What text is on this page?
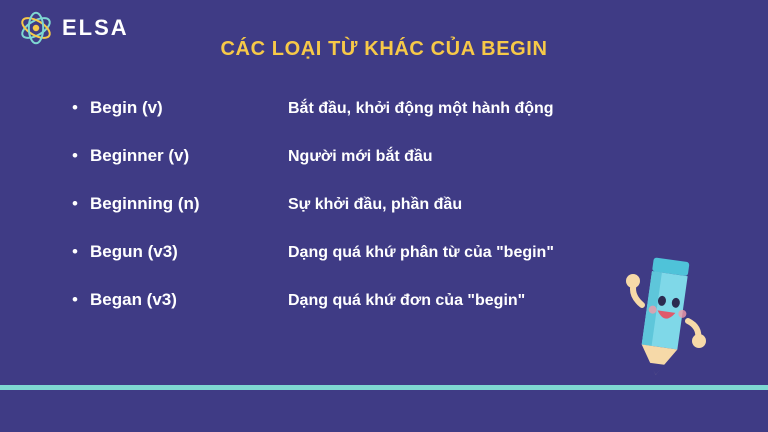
ELSA
CÁC LOẠI TỪ KHÁC CỦA BEGIN
• Begin (v)	Bắt đầu, khởi động một hành động
• Beginner (v)	Người mới bắt đầu
• Beginning (n)	Sự khởi đầu, phần đầu
• Begun (v3)	Dạng quá khứ phân từ của "begin"
• Began (v3)	Dạng quá khứ đơn của "begin"
